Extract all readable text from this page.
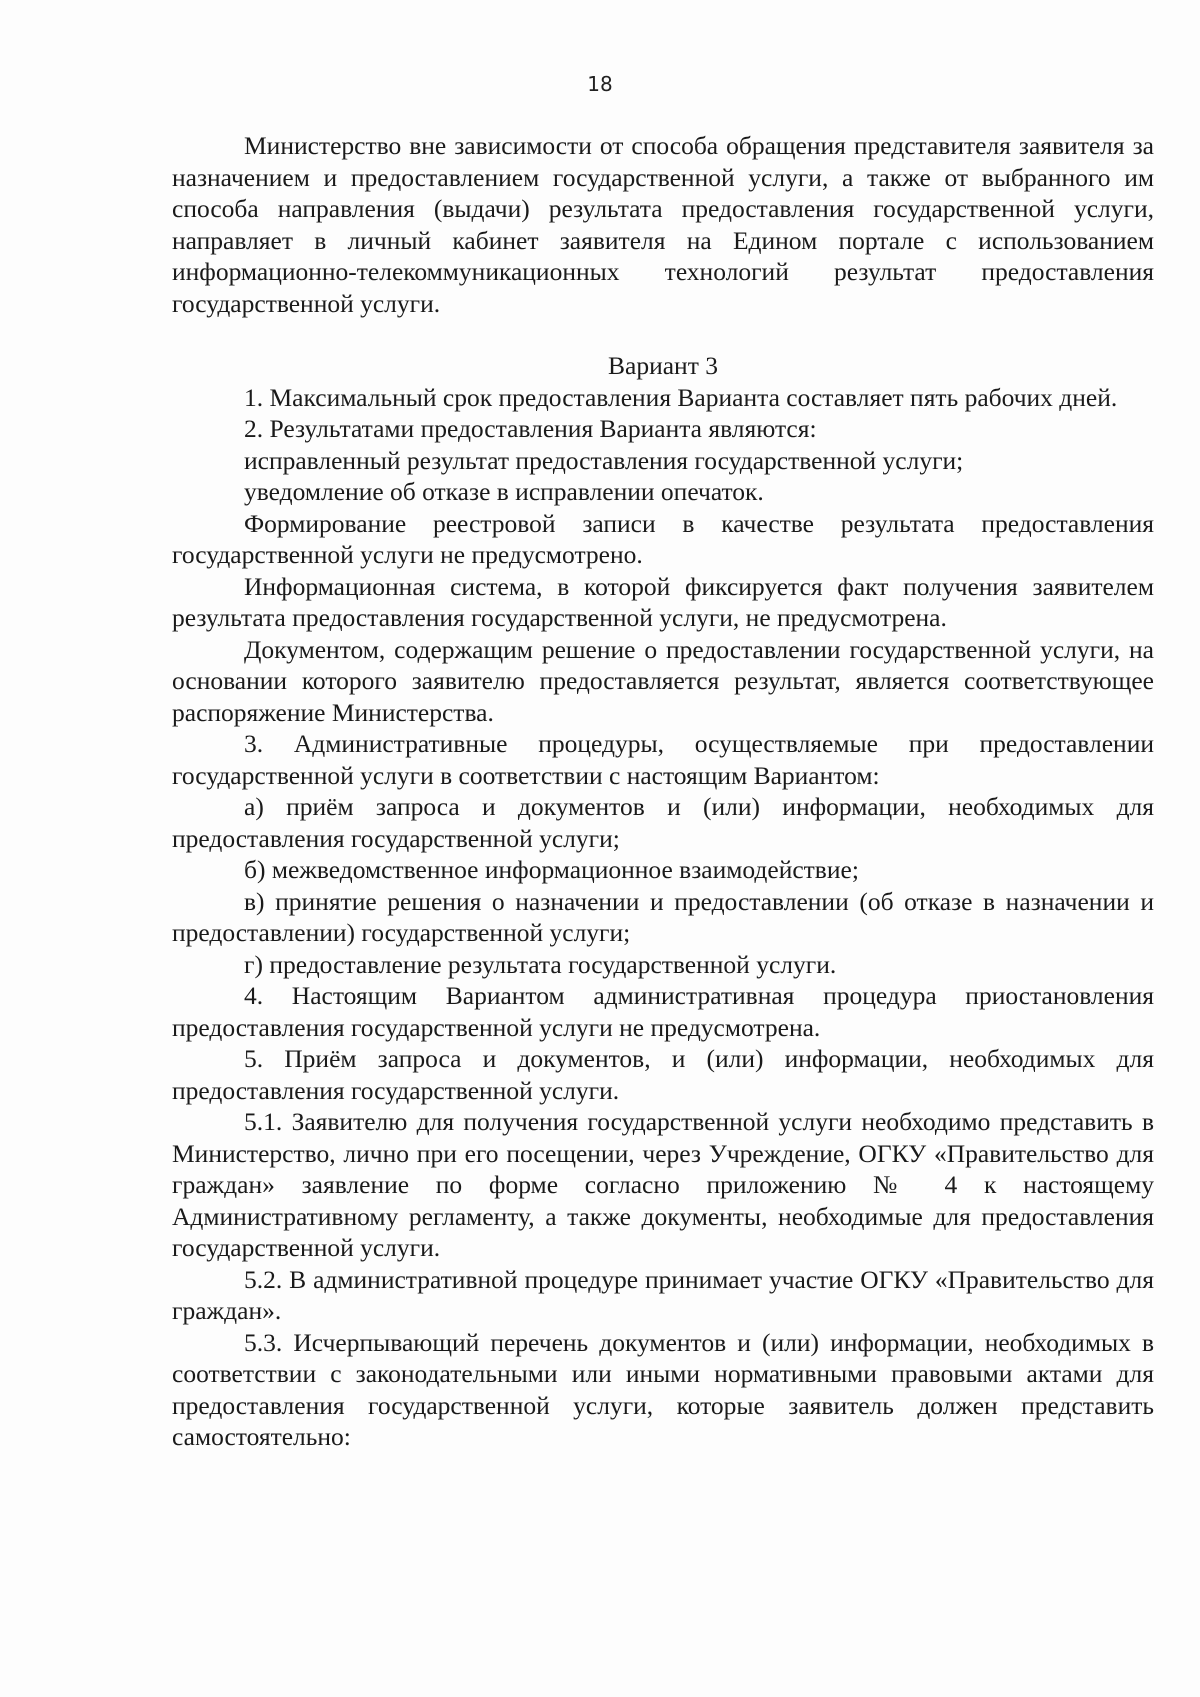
18

Министерство вне зависимости от способа обращения представителя заявителя за назначением и предоставлением государственной услуги, а также от выбранного им способа направления (выдачи) результата предоставления государственной услуги, направляет в личный кабинет заявителя на Едином портале с использованием информационно-телекоммуникационных технологий результат предоставления государственной услуги.

Вариант 3

1. Максимальный срок предоставления Варианта составляет пять рабочих дней.

2. Результатами предоставления Варианта являются:

исправленный результат предоставления государственной услуги;

уведомление об отказе в исправлении опечаток.

Формирование реестровой записи в качестве результата предоставления государственной услуги не предусмотрено.

Информационная система, в которой фиксируется факт получения заявителем результата предоставления государственной услуги, не предусмотрена.

Документом, содержащим решение о предоставлении государственной услуги, на основании которого заявителю предоставляется результат, является соответствующее распоряжение Министерства.

3. Административные процедуры, осуществляемые при предоставлении государственной услуги в соответствии с настоящим Вариантом:

а) приём запроса и документов и (или) информации, необходимых для предоставления государственной услуги;

б) межведомственное информационное взаимодействие;

в) принятие решения о назначении и предоставлении (об отказе в назначении и предоставлении) государственной услуги;

г) предоставление результата государственной услуги.

4. Настоящим Вариантом административная процедура приостановления предоставления государственной услуги не предусмотрена.

5. Приём запроса и документов, и (или) информации, необходимых для предоставления государственной услуги.

5.1. Заявителю для получения государственной услуги необходимо представить в Министерство, лично при его посещении, через Учреждение, ОГКУ «Правительство для граждан» заявление по форме согласно приложению № 4 к настоящему Административному регламенту, а также документы, необходимые для предоставления государственной услуги.

5.2. В административной процедуре принимает участие ОГКУ «Правительство для граждан».

5.3. Исчерпывающий перечень документов и (или) информации, необходимых в соответствии с законодательными или иными нормативными правовыми актами для предоставления государственной услуги, которые заявитель должен представить самостоятельно:
